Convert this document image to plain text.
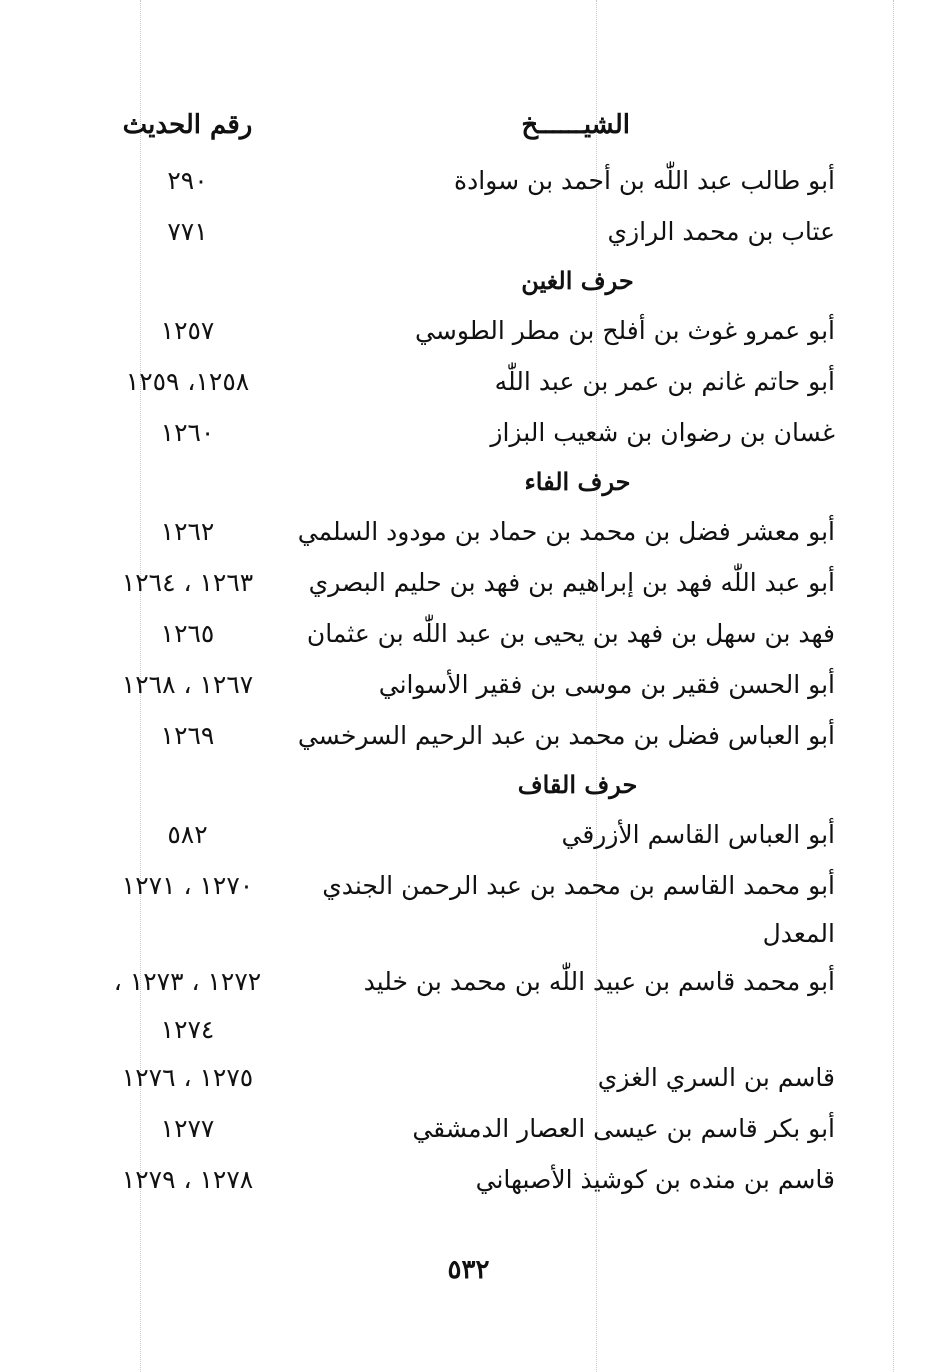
الشيــــــخ
رقم الحديث
أبو طالب عبد اللّٰه بن أحمد بن سوادة
٢٩٠
عتاب بن محمد الرازي
٧٧١
حرف الغين
أبو عمرو غوث بن أفلح بن مطر الطوسي
١٢٥٧
أبو حاتم غانم بن عمر بن عبد اللّٰه
١٢٥٨، ١٢٥٩
غسان بن رضوان بن شعيب البزاز
١٢٦٠
حرف الفاء
أبو معشر فضل بن محمد بن حماد بن مودود السلمي
١٢٦٢
أبو عبد اللّٰه فهد بن إبراهيم بن فهد بن حليم البصري
١٢٦٣ ، ١٢٦٤
فهد بن سهل بن فهد بن يحيى بن عبد اللّٰه بن عثمان
١٢٦٥
أبو الحسن فقير بن موسى بن فقير الأسواني
١٢٦٧ ، ١٢٦٨
أبو العباس فضل بن محمد بن عبد الرحيم السرخسي
١٢٦٩
حرف القاف
أبو العباس القاسم الأزرقي
٥٨٢
أبو محمد القاسم بن محمد بن عبد الرحمن الجندي
١٢٧٠ ، ١٢٧١
المعدل
أبو محمد قاسم بن عبيد اللّٰه بن محمد بن خليد
١٢٧٢ ، ١٢٧٣ ،
١٢٧٤
قاسم بن السري الغزي
١٢٧٥ ، ١٢٧٦
أبو بكر قاسم بن عيسى العصار الدمشقي
١٢٧٧
قاسم بن منده بن كوشيذ الأصبهاني
١٢٧٨ ، ١٢٧٩
٥٣٢
